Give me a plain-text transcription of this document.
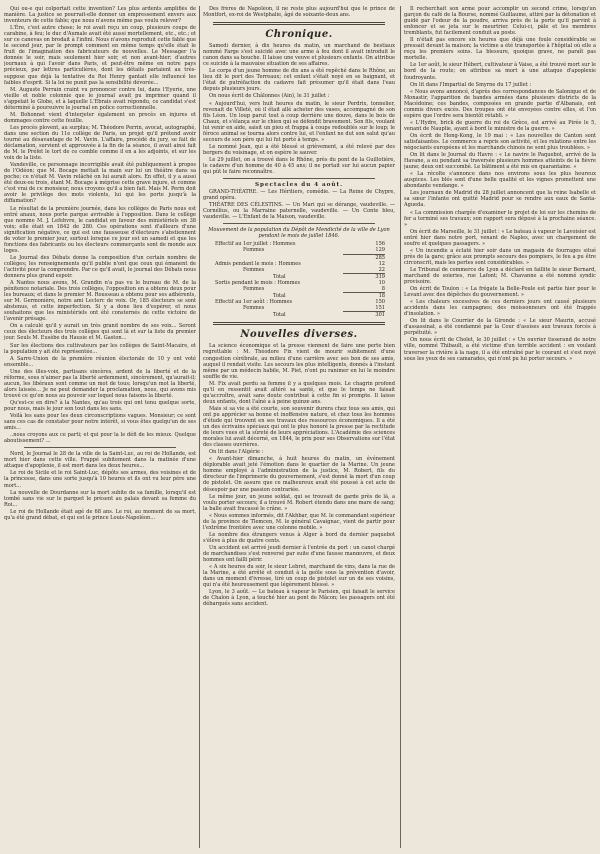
Qui ou-e qui colportait cette invention? Les plus ardents amplifiès de manière. La justice se pourrait-elle donner un empressement envers aux inventeurs de cette fable; que nous n'avons même pas voulu relever?

L'Ère, c'est autre chose; le roi avait reçu un coup, plusieurs coups de carabine, à feu; le duc d'Aumale avait été aussi mortellement, etc., etc.; et sur ce canevas on brodait à l'infini. Nous n'avons reproduit cette fable que le second jour, par le prompt comment en même temps qu'elle était le fruit de l'imagination des fabricateurs de nouvelles. Le Messager l'a donnée le soir, mais seulement hier soir, et non avant-hier; d'autres journaux à qui l'avoir dans Paris, et peut-être même en notre pays précieux, par lettres particulières, dont les détails partaient au très-suppose que déjà la tentative du Roi Henry gantait elle influencé les faibles d'esprit. Si la loi ne punit pas la sensibilité dévorée...

M. Auguste Perrain craint vu prononcer contre lui, dans l'Eyerie, une vieille et noble colonnie que le journal avait pu imprimer quand il s'appelait le Globe, et à laquelle L'Ebrais avait répondu, ce candidat s'est déterminé à poursuivre le journal en police correctionnelle.

M. Bohonnet vient d'interjeter également un procès en injures et dommages contre cette feuille.

Les procès plovent, au surplus; M. Théodore Perrin, avocat, autographé, dans une section du 11e collège de Paris, un projet qu'il prétend avoir tourné au désavantage de M. Vavin. L'affaire, procédé du jury, se fait de déclamation, survient et approuvée à la fin de la séance, il avait ainsi fait de M. le Préfet le tort de ce comble comme il en a les adjoints, et sur les voix de la liste.

Vandeville, ce personnage incorrigible avait été publiquement à propos de l'Odéon; que M. Bocage mettait la main sur lui un théâtre dans sa poche; ce n'était M. Vavin relâché on lui aurait alors. En effet, il y a aussi été deux-ou trois, étant M. Bocage à méprise cette grave injure, et comme c'est vrai de ce monsieur, nous croyons qu'il a bien fait. Mais M. Perin doit avoir le privilège des mots violents, lui qui les porte jusqu'à la diffamation?

Le résultat de la première journée, dans les collèges de Paris nous est entré anaux, nous porte parque avrivable à l'opposition. Dans le collège que nomme M. J. Lefebvre, le candidat en faveur des ministériels en 38 voix; elle était en 1842 de 280. Ces opérations sont d'ailleurs d'une signification négative, ce qui est une fausseuse d'électeurs s'abstiennent de voter le premier jour, surtout lorsque ce jour est un samedi et que les fonctions des fabricants ou les électeurs commerçants sont de monde aux loges.

Le Journal des Débats donne la composition d'un certain nombre de collèges; les renseignements qu'il publie n'ont que ceux qui émanent de l'activité pour la comprendre. Par ce qu'il avait, le journal des Débats nous donnera plus grand espoir.

A Nantes nous avons, M. Grandin n'a pas vu le bureau de M. de la pénitence notariale. Des trois collèges, l'opposition en a obtenu deux pour les bureaux; et dans le premier M. Rousseau a obtenu pour ses adhérents, sur M. Germonière, notre ami Leclerc de voix. Or, 185 électeurs se sont abstenus, et cette imperfection. Si y a done lieu d'espérer, et nous souhaitons que les ministériels ont été consternés de cette victoire de l'avenir présage.

On a calculé qu'il y aurait un très grand nombre de ses voix... Seront ceux des électeurs des trois collèges qui sont là et sur la liste du premier jour. Seuls M. Eusèbe du Hausie et M. Gaston...

Sur les élections des cultivateurs par les collèges de Saint-Macaire, et la population y ait été représentée...

A Sarre-Union de la première réunion électorale de 10 y ont voté ensemble...

Une des illes-voix, partisans sincères, ardent de la liberté et de la réforme, sous n'aimer pas la liberté ardemment, sincèrement, qu'aurait-il; aucun, les libéraux sont comme un mot de tous; lorsqu'un mot la liberté, alors laissée... Je ne peut demander la proclamation, nous, qui avons mis trouvé ce qu'on nous au pouvoir sur lequel nous faisons la liberté.

Qu'est-ce en dire? à la Nantes, qu'au trois qui ont tenu quelque sorte, pour nous, mais le jour son tout dans les sans.

Voilà les sans pour les deux circonscriptions vagues. Monsieur; ce sont sans ces cas de constater pour notre intérêt, si vous êtes quelqu'un de ses amis...

..nous croyons aux ce parti; et qui pour la le défi de les mieux. Quelque aboutissement? ...

Nord, le Journal le 28 de la ville de la Saint-Luc, au roi de Hollande, est mort hier dans cette ville. Frappé subitement dans la matinée d'une attaque d'apoplexie, il est mort dans les deux heures...

Le roi de Sicile et le roi Saint-Luc, dépôts ses armes, des voisines et de la princesse, dans une sorte jusqu'à 10 heures et ils ont vu leur père une mort...

La nouvelle de Dourdanne sur la mort subite de sa famille, lorsqu'il est tombé sans vie sur le parquet le présent au palais devant sa femme du Roi...

Le roi de Hollande était agé de 68 ans. Le roi, au moment de sa mort, qu'a été grand débat, et qui est le prince Louis-Napoléon...

Des frères de Napoléon, il ne reste plus aujourd'hui que le prince de Montfort, ex-roi de Westphalie, âgé de soixante-deux ans.

Chronique.

Samedi dernier, à dix heures du matin, un marchand de bestiaux nommé Farge s'est suicidé avec une arme à feu dont il avait introduit le canon dans sa bouche. Il laisse une veuve et plusieurs enfants. On attribue ce suicide à la mauvaise situation de ses affaires.

Le corps d'un jeune homme de dix ans a été repêché dans le Rhône, au lieu dit le port des Terreaux; cet enfant s'était noyé en se baignant, et l'état de putréfaction du cadavre fait présumer qu'il était dans l'eau depuis plusieurs jours.

On nous écrit de Châlonnes (Ain), le 31 juillet :

« Aujourd'hui, vers huit heures du matin, le sieur Perdrix, tonnelier, revenait de Villeté, où il était allé acheter des vases, accompagné de son fils Léon. Un loup parut tout à coup derrière une douve, dans le bois de Chaux, et s'élança sur le chien qui se défendit bravement. Son fils, voulant lui venir en aide, saisit un pieu et frappa à coups redoublés sur le loup; le féroce animal se tourna alors contre lui, et l'enfant ne dut son salut qu'au secours de son père qui lui fut porté à temps. »

Le nommé Jean, qui a été blessé si grièvement, a été relevé par des bergers du voisinage, et on espère le sauver.

Le 29 juillet, on a trouvé dans le Rhône, près du pont de la Guillotière, le cadavre d'un homme de 40 à 45 ans; il ne portait sur lui aucun papier qui pût le faire reconnaître.

Spectacles du 4 août.

GRAND-THÉATRE. — Les Héritiers, comédie. — La Reine de Chypre, grand opéra.

THÉATRE DES CÉLESTINS. — Un Mari qui se dérange, vaudeville. — Cornélius, ou la Marraine paternelle, vaudeville. — Un Conte bleu, vaudeville. — L'Enfant de la Maison, vaudeville.

Mouvement de la population du Dépôt de Mendicité de la ville de Lyon pendant le mois de juillet 1846.
Effectif au 1er juillet : Hommes	156
Femmes	129
285
Admis pendant le mois : Hommes	12
Femmes	22
Total	319
Sortis pendant le mois : Hommes	10
Femmes	8
Total	18
Effectif au 1er août : Hommes	150
Femmes	151
Total	301
Nouvelles diverses.

La science économique et la presse viennent de faire une perte bien regrettable : M. Théodore Fix vient de mourir subitement d'une congestion cérébrale, au milieu d'une carrière avec ses bon de ses amis, auquel il rendait visite. Les secours les plus intelligents, donnés à l'instant même par un médecin habile, M. Piet, n'ont pu ranimer en lui le moindre souffle de vie.

M. Fix avait perdu sa femme il y a quelques mois. Le chagrin profond qu'il en ressentit avait altéré sa santé, et que le temps ne faisait qu'accroître, avait sans doute contribué à cette fin si prompte. Il laisse deux enfants, dont l'aîné a à peine quinze ans.

Mais si sa vie a été courte, son souvenir durera chez tous ses amis, qui ont pu apprécier sa bonne et inoffensive nature, et chez tous les hommes d'étude qui trouvent en ses travaux des ressources économiques. Il a été un des écrivains spéciaux qui ont le plus honoré la presse par la rectitude de leurs vues et la sûreté de leurs appréciations. L'Académie des sciences morales lui avait décerné, en 1844, le prix pour ses Observations sur l'état des classes ouvrières.

On lit dans l'Algérie :

« Avant-hier dimanche, à huit heures du matin, un événement déplorable avait jeté l'émotion dans le quartier de la Marine. Un jeune homme employé à l'administration de la justice, M. Robert, fils du directeur de l'imprimerie du gouvernement, s'est donné la mort d'un coup de pistolet. On assure que ce malheureux avait été poussé à cet acte de désespoir par une passion contrariée.

Le même jour, un jeune soldat, qui se trouvait de garde près de là, a voulu porter secours; il a trouvé M. Robert étendu dans une mare de sang; la balle avait fracassé le crâne. »

« Nous sommes informés, dit l'Akhbar, que M. le commandant supérieur de la province de Tlemcen, M. le général Cavaignac, vient de partir pour l'extrême frontière avec une colonne mobile. »

Le nombre des étrangers venus à Alger à bord du dernier paquebot s'élève à plus de quatre cents.

Un accident est arrivé jeudi dernier à l'entrée du port : un canot chargé de marchandises s'est renversé par suite d'une fausse manœuvre, et deux hommes ont failli périr.

« A six heures du soir, le sieur Lebret, marchand de vins, dans la rue de la Marine, a été arrêté et conduit à la geôle sous la prévention d'avoir, dans un moment d'ivresse, tiré un coup de pistolet sur un de ses voisins, qui n'a été heureusement que légèrement blessé. »

Lyon, le 3 août. — Le bateau à vapeur le Parisien, qui faisait le service de Chalon à Lyon, a touché hier au pont de Mâcon; les passagers ont été débarqués sans accident.

Il recherchait son arme pour accomplir un second crime, lorsqu'un garçon du café de la Bourse, nommé Guillaume, attiré par la détonation et guidé par l'odeur de la poudre, arriva près de la porte qu'il parvint à enfoncer et se jeta sur le meurtrier. Celui-ci, pâle et les membres tremblants, fut facilement conduit au poste.

Il n'était pas encore six heures que déjà une foule considérable se pressait devant la maison; la victime a été transportée à l'hôpital où elle a reçu les premiers soins. La blessure, quoique grave, ne paraît pas mortelle.

Le 1er août, le sieur Hébert, cultivateur à Vaise, a été trouvé mort sur le bord de la route; on attribue sa mort à une attaque d'apoplexie foudroyante.

On lit dans l'Impartial de Smyrne du 17 juillet :

« Nous avons annoncé, d'après des correspondances de Salonique et de Monastir, l'apparition de bandes armées dans plusieurs districts de la Macédoine; ces bandes, composées en grande partie d'Albanais, ont commis divers excès. Des troupes ont été envoyées contre elles, et l'on espère que l'ordre sera bientôt rétabli. »

« L'Hydre, brick de guerre du roi de Grèce, est arrivé au Pirée le 5, venant de Nauplie, ayant à bord le ministre de la guerre. »

On écrit de Hong-Kong, le 19 mai : « Les nouvelles de Canton sont satisfaisantes. Le commerce a repris son activité, et les relations entre les négociants européens et les marchands chinois ne sont plus troublées. »

On lit dans le Journal du Havre : « Le navire le Paquebot, arrivé de la Havane, a eu pendant sa traversée plusieurs hommes atteints de la fièvre jaune; deux ont succombé. Le bâtiment a été mis en quarantaine. »

« La récolte s'annonce dans nos environs sous les plus heureux auspices. Les blés sont d'une belle qualité et les vignes promettent une abondante vendange. »

Les journaux de Madrid du 28 juillet annoncent que la reine Isabelle et sa sœur l'infante ont quitté Madrid pour se rendre aux eaux de Santa-Agueda.

« La commission chargée d'examiner le projet de loi sur les chemins de fer a terminé ses travaux; son rapport sera déposé à la prochaine séance. »

On écrit de Marseille, le 31 juillet : « Le bateau à vapeur le Lavoisier est entré hier dans notre port, venant de Naples, avec un chargement de soufre et quelques passagers. »

« Un incendie a éclaté hier soir dans un magasin de fourrages situé près de la gare; grâce aux prompts secours des pompiers, le feu a pu être circonscrit, mais les pertes sont considérables. »

Le Tribunal de commerce de Lyon a déclaré en faillite le sieur Bernard, marchand de soieries, rue Lafont; M. Chavanne a été nommé syndic provisoire.

On écrit de Toulon : « La frégate la Belle-Poule est partie hier pour le Levant avec des dépêches du gouvernement. »

« Les chaleurs excessives de ces derniers jours ont causé plusieurs accidents dans les campagnes; des moissonneurs ont été frappés d'insolation. »

On lit dans le Courrier de la Gironde : « Le sieur Maurin, accusé d'assassinat, a été condamné par la Cour d'assises aux travaux forcés à perpétuité. »

On nous écrit de Cholet, le 30 juillet : « Un ouvrier tisserand de notre ville, nommé Thibault, a été victime d'un terrible accident : en voulant traverser la rivière à la nage, il a été entraîné par le courant et s'est noyé sous les yeux de ses camarades, qui n'ont pu lui porter secours. »
